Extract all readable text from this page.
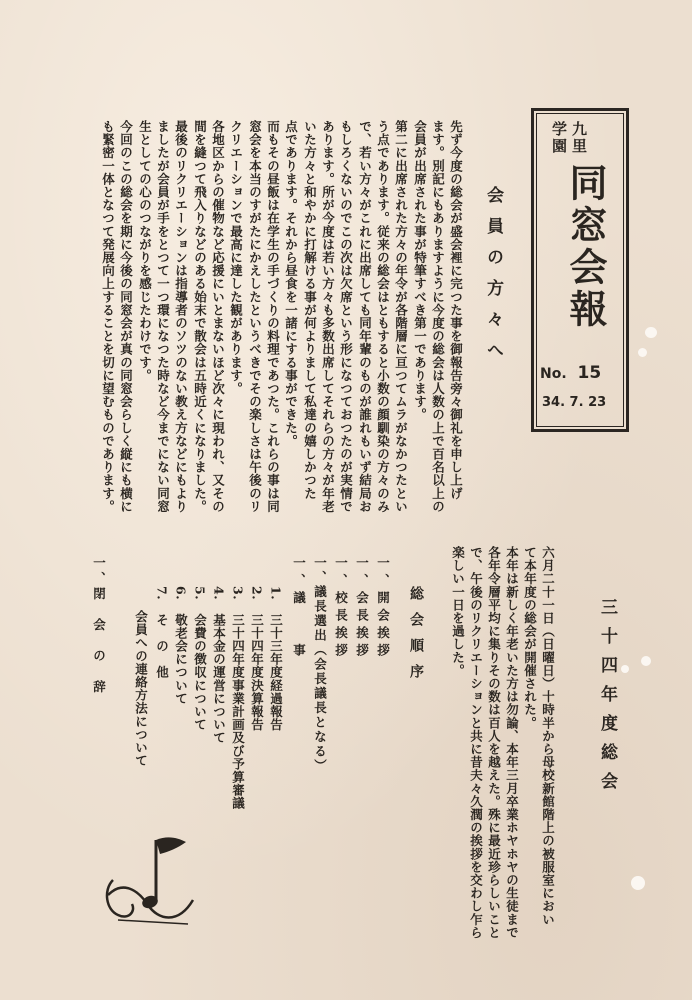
九里
学園
同窓会報
No. 15
34. 7. 23
会員の方々へ
先ず今度の総会が盛会裡に完つた事を御報告旁々御礼を申し上げ
ます。別記にもありますように今度の総会は人数の上で百名以上の
会員が出席された事が特筆すべき第一であります。
第二に出席された方々の年令が各階層に亘つてムラがなかつたとい
う点であります。従来の総会はともすると小数の顔馴染の方々のみ
で、若い方々がこれに出席しても同年輩のものが誰れもいず結局お
もしろくないのでこの次は欠席という形になつておつたのが実情で
あります。所が今度は若い方々も多数出席してそれらの方々が年老
いた方々と和やかに打解ける事が何よりまして私達の嬉しかつた
点であります。それから昼食を一諸にする事ができた。
而もその昼飯は在学生の手づくりの料理であつた。これらの事は同
窓会を本当のすがたにかえしたというべきでその楽しさは午後のリ
クリエーションで最高に達した観があります。
各地区からの催物など応援にいとまないほど次々に現われ、又その
間を縫つて飛入りなどのある始末で散会は五時近くになりました。
最後のリクリエーションは指導者のソツのない教え方などにもより
ましたが会員が手をとつて一つ環になつた時など今までにない同窓
生としての心のつながりを感じたわけです。
今回のこの総会を期に今後の同窓会が真の同窓会らしく縦にも横に
も緊密一体となつて発展向上することを切に望むものであります。
三十四年度総会
六月二十一日（日曜日）十時半から母校新館階上の被服室におい
て本年度の総会が開催された。
本年は新しく年老いた方は勿論、本年三月卒業ホヤホヤの生徒まで
各年令層平均に集りその数は百人を越えた。殊に最近珍らしいこと
で、午後のリクリエーションと共に昔夫々久潤の挨拶を交わし乍ら
楽しい一日を過した。
総会順序
一、開会挨拶
一、会長挨拶
一、校長挨拶
一、議長選出（会長議長となる）
一、議　　事
1.　三十三年度経過報告
2.　三十四年度決算報告
3.　三十四年度事業計画及び予算審議
4.　基本金の運営について
5.　会費の徴収について
6.　敬老会について
7.　そ　の　他
会員への連絡方法について
一、閉　会　の　辞
